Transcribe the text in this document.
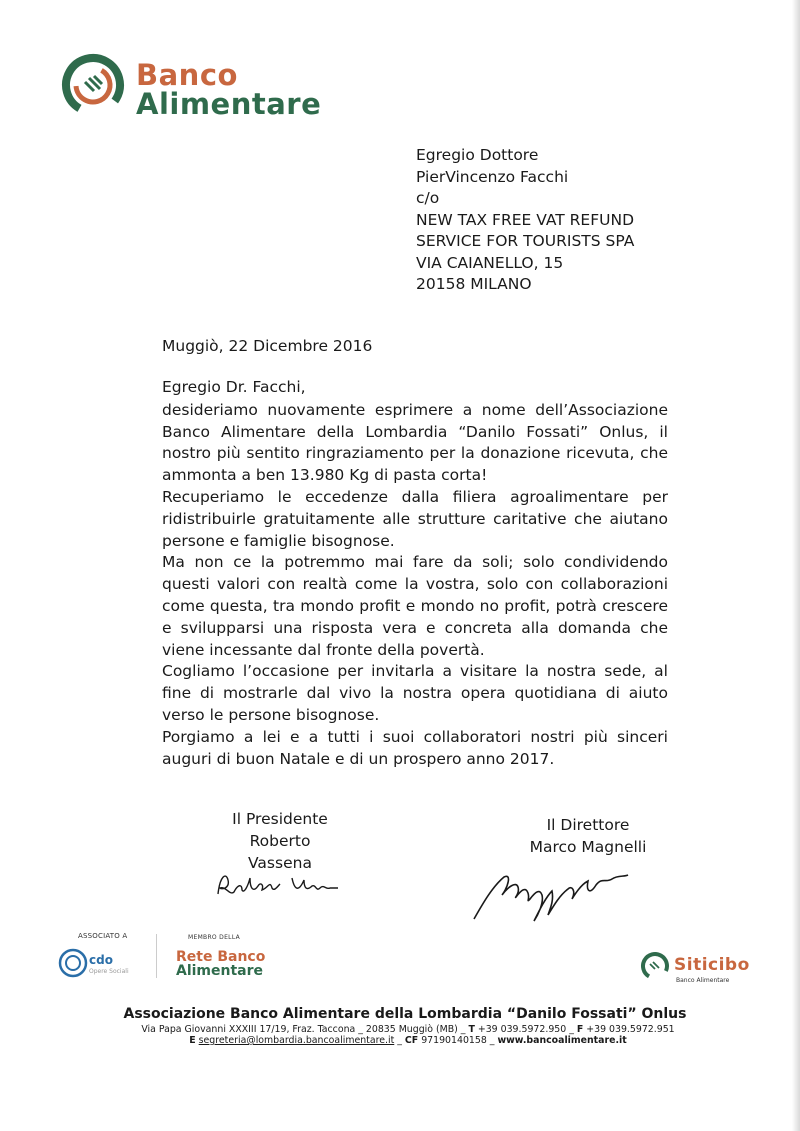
Banco
Alimentare
Egregio Dottore
PierVincenzo Facchi
c/o
NEW TAX FREE VAT REFUND
SERVICE FOR TOURISTS SPA
VIA CAIANELLO, 15
20158 MILANO
Muggiò, 22 Dicembre 2016
Egregio Dr. Facchi,

desideriamo nuovamente esprimere a nome dell’Associazione Banco Alimentare della Lombardia “Danilo Fossati” Onlus, il nostro più sentito ringraziamento per la donazione ricevuta, che ammonta a ben 13.980 Kg di pasta corta!

Recuperiamo le eccedenze dalla filiera agroalimentare per ridistribuirle gratuitamente alle strutture caritative che aiutano persone e famiglie bisognose.

Ma non ce la potremmo mai fare da soli; solo condividendo questi valori con realtà come la vostra, solo con collaborazioni come questa, tra mondo profit e mondo no profit, potrà crescere e svilupparsi una risposta vera e concreta alla domanda che viene incessante dal fronte della povertà.

Cogliamo l’occasione per invitarla a visitare la nostra sede, al fine di mostrarle dal vivo la nostra opera quotidiana di aiuto verso le persone bisognose.

Porgiamo a lei e a tutti i suoi collaboratori nostri più sinceri auguri di buon Natale e di un prospero anno 2017.

Il Presidente
Roberto Vassena
Il Direttore
Marco Magnelli
ASSOCIATO A
cdo
Opere Sociali
MEMBRO DELLA
Rete Banco
Alimentare	Siticibo
Banco Alimentare
Associazione Banco Alimentare della Lombardia “Danilo Fossati” Onlus
Via Papa Giovanni XXXIII 17/19, Fraz. Taccona _ 20835 Muggiò (MB) _ T +39 039.5972.950 _ F +39 039.5972.951
E segreteria@lombardia.bancoalimentare.it _ CF 97190140158 _ www.bancoalimentare.it
